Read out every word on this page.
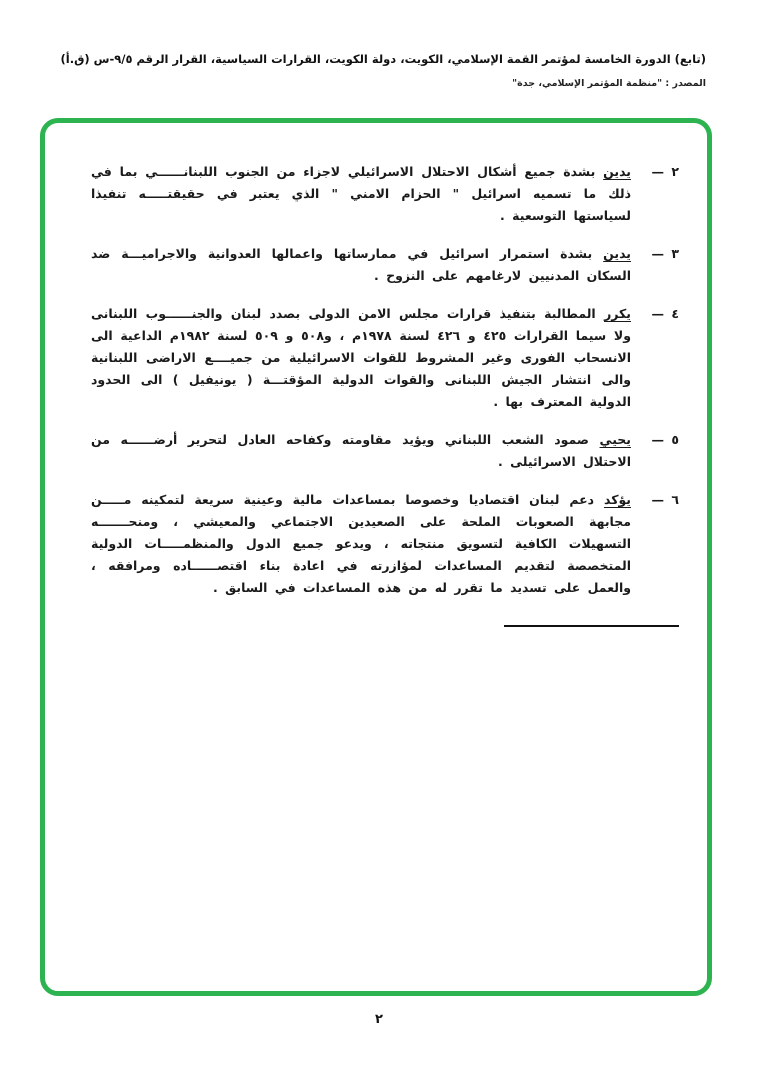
(تابع) الدورة الخامسة لمؤتمر القمة الإسلامي، الكويت، دولة الكويت، القرارات السياسية، القرار الرقم ٩/٥-س (ق.أ)
المصدر : "منظمة المؤتمر الإسلامي، جدة"
٢ —

يدين بشدة جميع أشكال الاحتلال الاسرائيلي لاجزاء من الجنوب اللبنانــــــي بما في ذلك ما تسميه اسرائيل " الحزام الامني " الذي يعتبر في حقيقتـــــه تنفيذا لسياستها التوسعية .

٣ —

يدين بشدة استمرار اسرائيل في ممارساتها واعمالها العدوانية والاجراميـــة ضد السكان المدنيين لارغامهم على النزوح .

٤ —

يكرر المطالبة بتنفيذ قرارات مجلس الامن الدولى بصدد لبنان والجنــــــوب اللبنانى ولا سيما القرارات ٤٢٥ و ٤٢٦ لسنة ١٩٧٨م ، و٥٠٨ و ٥٠٩ لسنة ١٩٨٢م الداعية الى الانسحاب الفورى وغير المشروط للقوات الاسرائيلية من جميــــع الاراضى اللبنانية والى انتشار الجيش اللبنانى والقوات الدولية المؤقتـــة ( يونيفيل ) الى الحدود الدولية المعترف بها .

٥ —

يحيي صمود الشعب اللبناني ويؤيد مقاومته وكفاحه العادل لتحرير أرضــــــه من الاحتلال الاسرائيلى .

٦ —

يؤكد دعم لبنان اقتصاديا وخصوصا بمساعدات مالية وعينية سريعة لتمكينه مـــــن مجابهة الصعوبات الملحة على الصعيدين الاجتماعي والمعيشي ، ومنحـــــــه التسهيلات الكافية لتسويق منتجاته ، ويدعو جميع الدول والمنظمـــــات الدولية المتخصصة لتقديم المساعدات لمؤازرته في اعادة بناء اقتصــــــاده ومرافقه ، والعمل على تسديد ما تقرر له من هذه المساعدات في السابق .

٢
